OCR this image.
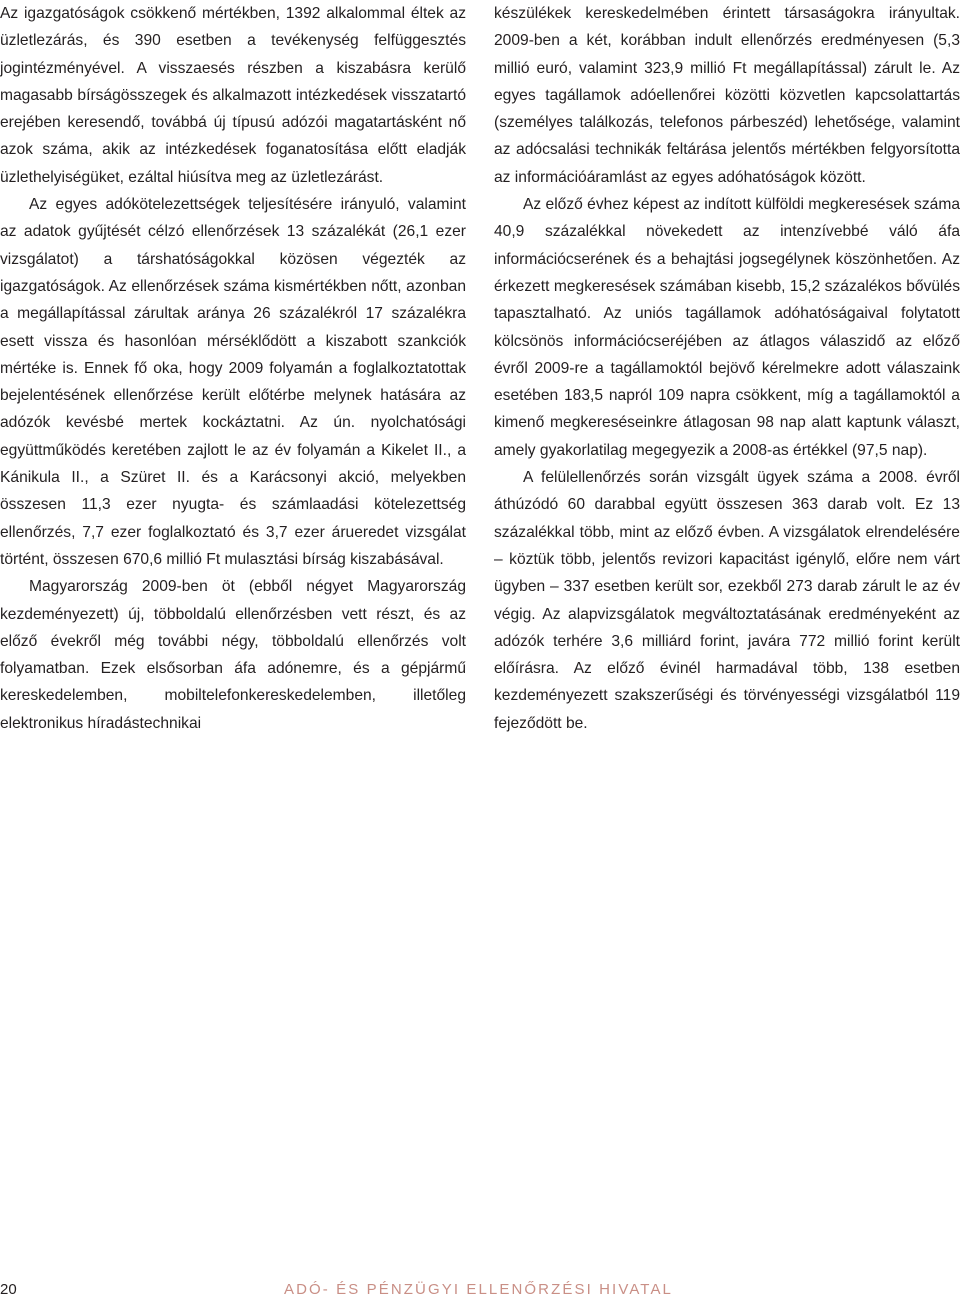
Az igazgatóságok csökkenő mértékben, 1392 alkalommal éltek az üzletlezárás, és 390 esetben a tevékenység felfüggesztés jogintézményével. A visszaesés részben a kiszabásra kerülő magasabb bírságösszegek és alkalmazott intézkedések visszatartó erejében keresendő, továbbá új típusú adózói magatartásként nő azok száma, akik az intézkedések foganatosítása előtt eladják üzlethelyiségüket, ezáltal hiúsítva meg az üzletlezárást.

Az egyes adókötelezettségek teljesítésére irányuló, valamint az adatok gyűjtését célzó ellenőrzések 13 százalékát (26,1 ezer vizsgálatot) a társhatóságokkal közösen végezték az igazgatóságok. Az ellenőrzések száma kismértékben nőtt, azonban a megállapítással zárultak aránya 26 százalékról 17 százalékra esett vissza és hasonlóan mérséklődött a kiszabott szankciók mértéke is. Ennek fő oka, hogy 2009 folyamán a foglalkoztatottak bejelentésének ellenőrzése került előtérbe melynek hatására az adózók kevésbé mertek kockáztatni. Az ún. nyolchatósági együttműködés keretében zajlott le az év folyamán a Kikelet II., a Kánikula II., a Szüret II. és a Karácsonyi akció, melyekben összesen 11,3 ezer nyugta- és számlaadási kötelezettség ellenőrzés, 7,7 ezer foglalkoztató és 3,7 ezer árueredet vizsgálat történt, összesen 670,6 millió Ft mulasztási bírság kiszabásával.

Magyarország 2009-ben öt (ebből négyet Magyarország kezdeményezett) új, többoldalú ellenőrzésben vett részt, és az előző évekről még további négy, többoldalú ellenőrzés volt folyamatban. Ezek elsősorban áfa adónemre, és a gépjármű kereskedelemben, mobiltelefonkereskedelemben, illetőleg elektronikus híradástechnikai

készülékek kereskedelmében érintett társaságokra irányultak. 2009-ben a két, korábban indult ellenőrzés eredményesen (5,3 millió euró, valamint 323,9 millió Ft megállapítással) zárult le. Az egyes tagállamok adóellenőrei közötti közvetlen kapcsolattartás (személyes találkozás, telefonos párbeszéd) lehetősége, valamint az adócsalási technikák feltárása jelentős mértékben felgyorsította az információáramlást az egyes adóhatóságok között.

Az előző évhez képest az indított külföldi megkeresések száma 40,9 százalékkal növekedett az intenzívebbé váló áfa információcserének és a behajtási jogsegélynek köszönhetően. Az érkezett megkeresések számában kisebb, 15,2 százalékos bővülés tapasztalható. Az uniós tagállamok adóhatóságaival folytatott kölcsönös információcseréjében az átlagos válaszidő az előző évről 2009-re a tagállamoktól bejövő kérelmekre adott válaszaink esetében 183,5 napról 109 napra csökkent, míg a tagállamoktól a kimenő megkereséseinkre átlagosan 98 nap alatt kaptunk választ, amely gyakorlatilag megegyezik a 2008-as értékkel (97,5 nap).

A felülellenőrzés során vizsgált ügyek száma a 2008. évről áthúzódó 60 darabbal együtt összesen 363 darab volt. Ez 13 százalékkal több, mint az előző évben. A vizsgálatok elrendelésére – köztük több, jelentős revizori kapacitást igénylő, előre nem várt ügyben – 337 esetben került sor, ezekből 273 darab zárult le az év végig. Az alapvizsgálatok megváltoztatásának eredményeként az adózók terhére 3,6 milliárd forint, javára 772 millió forint került előírásra. Az előző évinél harmadával több, 138 esetben kezdeményezett szakszerűségi és törvényességi vizsgálatból 119 fejeződött be.

20	ADÓ- ÉS PÉNZÜGYI ELLENŐRZÉSI HIVATAL
